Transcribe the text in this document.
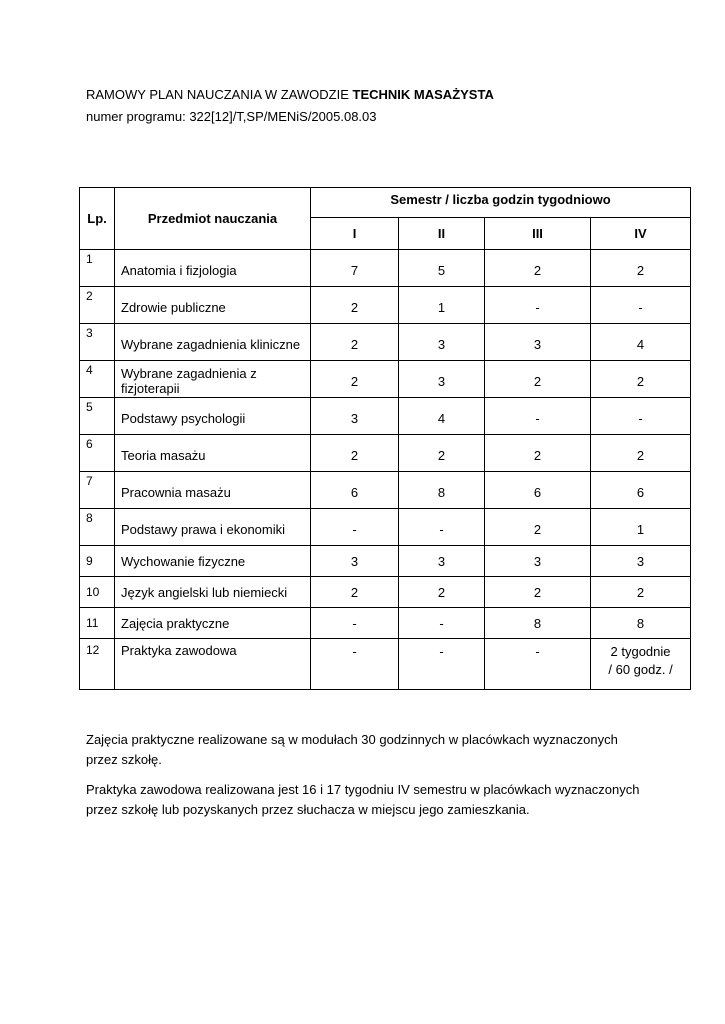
RAMOWY PLAN NAUCZANIA W ZAWODZIE TECHNIK MASAŻYSTA
numer programu: 322[12]/T,SP/MENiS/2005.08.03
Lp.	Przedmiot nauczania	Semestr / liczba godzin tygodniowo			
		I	II	III	IV
1	Anatomia i fizjologia	7	5	2	2
2	Zdrowie publiczne	2	1	-	-
3	Wybrane zagadnienia kliniczne	2	3	3	4
4	Wybrane zagadnienia z fizjoterapii	2	3	2	2
5	Podstawy psychologii	3	4	-	-
6	Teoria masażu	2	2	2	2
7	Pracownia masażu	6	8	6	6
8	Podstawy prawa i ekonomiki	-	-	2	1
9	Wychowanie fizyczne	3	3	3	3
10	Język angielski lub niemiecki	2	2	2	2
11	Zajęcia praktyczne	-	-	8	8
12	Praktyka zawodowa	-	-	-	2 tygodnie
/ 60 godz. /

Zajęcia praktyczne realizowane są w modułach 30 godzinnych w placówkach wyznaczonych przez szkołę.

Praktyka zawodowa realizowana jest 16 i 17 tygodniu IV semestru w placówkach wyznaczonych przez szkołę lub pozyskanych przez słuchacza w miejscu jego zamieszkania.
